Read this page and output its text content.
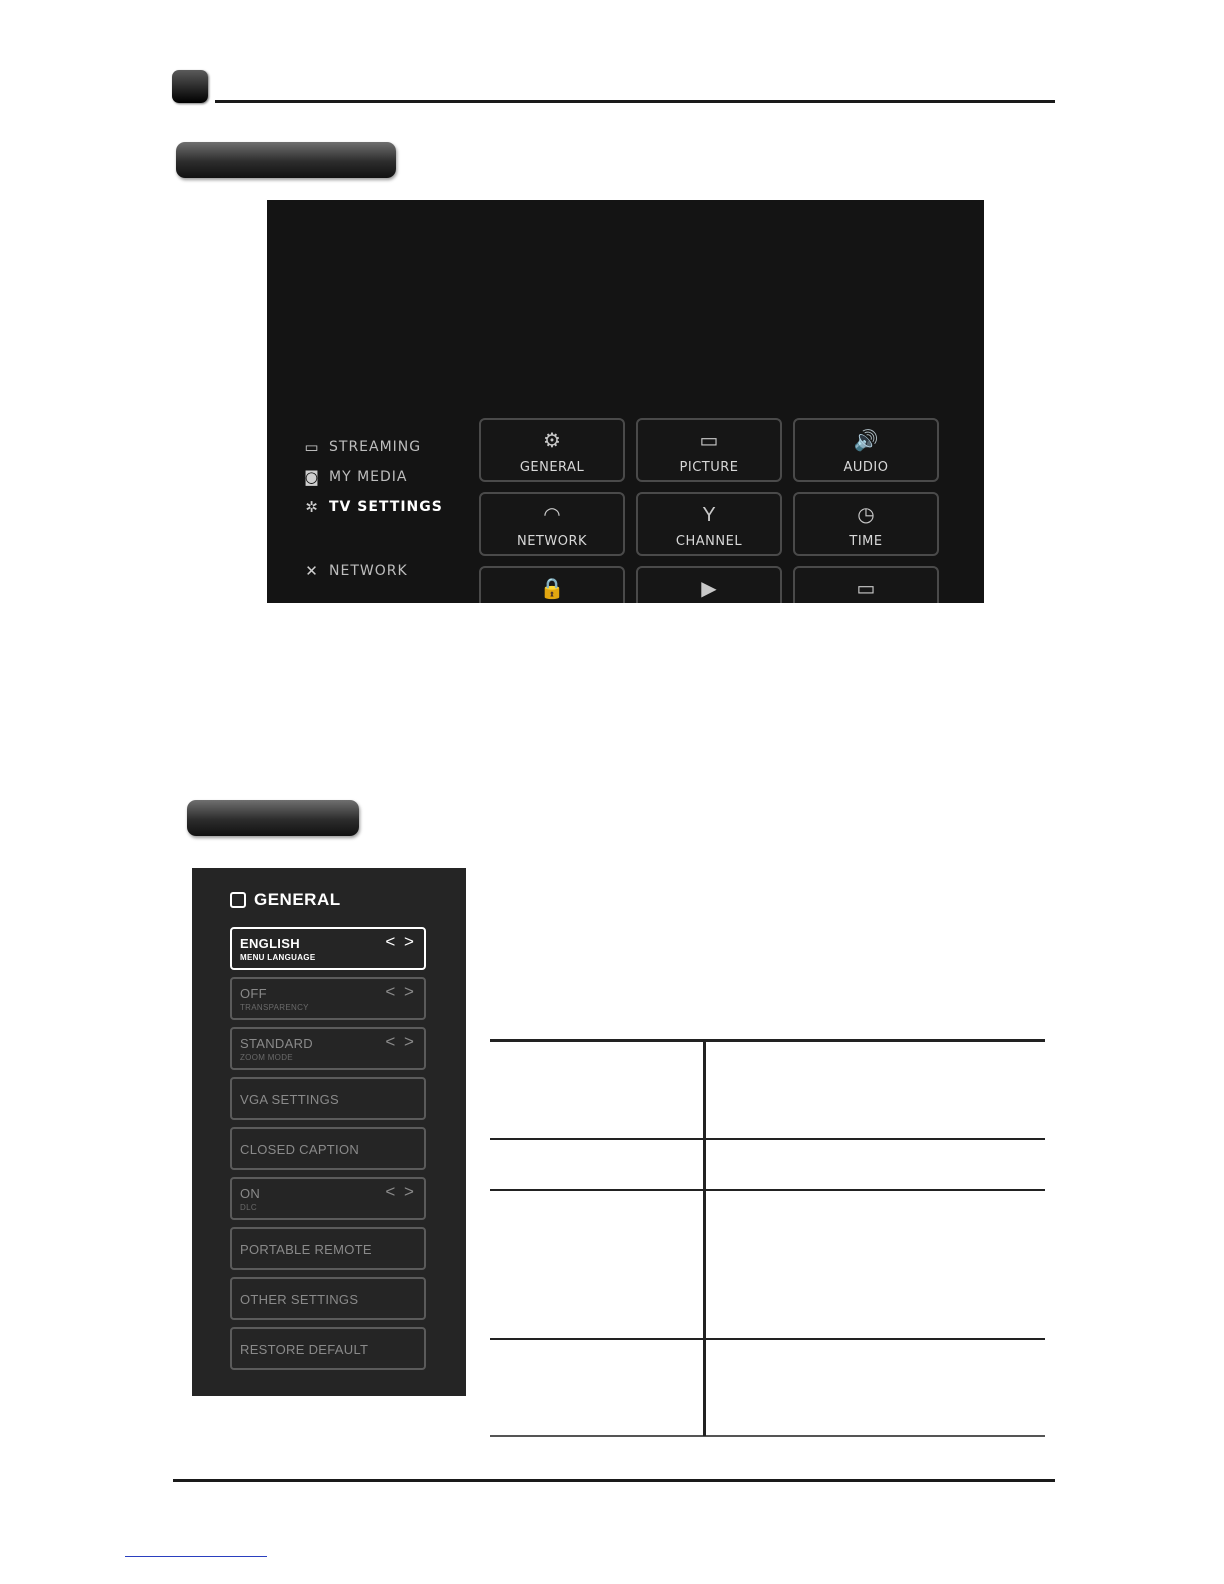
▭ STREAMING
◙ MY MEDIA
✲ TV SETTINGS
✕ NETWORK
⚙
GENERAL
▭
PICTURE
🔊
AUDIO
◠
NETWORK
Y
CHANNEL
◷
TIME
🔒	▶	▭
GENERAL
ENGLISH
MENU LANGUAGE
< >
OFF
TRANSPARENCY
< >
STANDARD
ZOOM MODE
< >
VGA SETTINGS
CLOSED CAPTION
ON
DLC
< >
PORTABLE REMOTE
OTHER SETTINGS
RESTORE DEFAULT
